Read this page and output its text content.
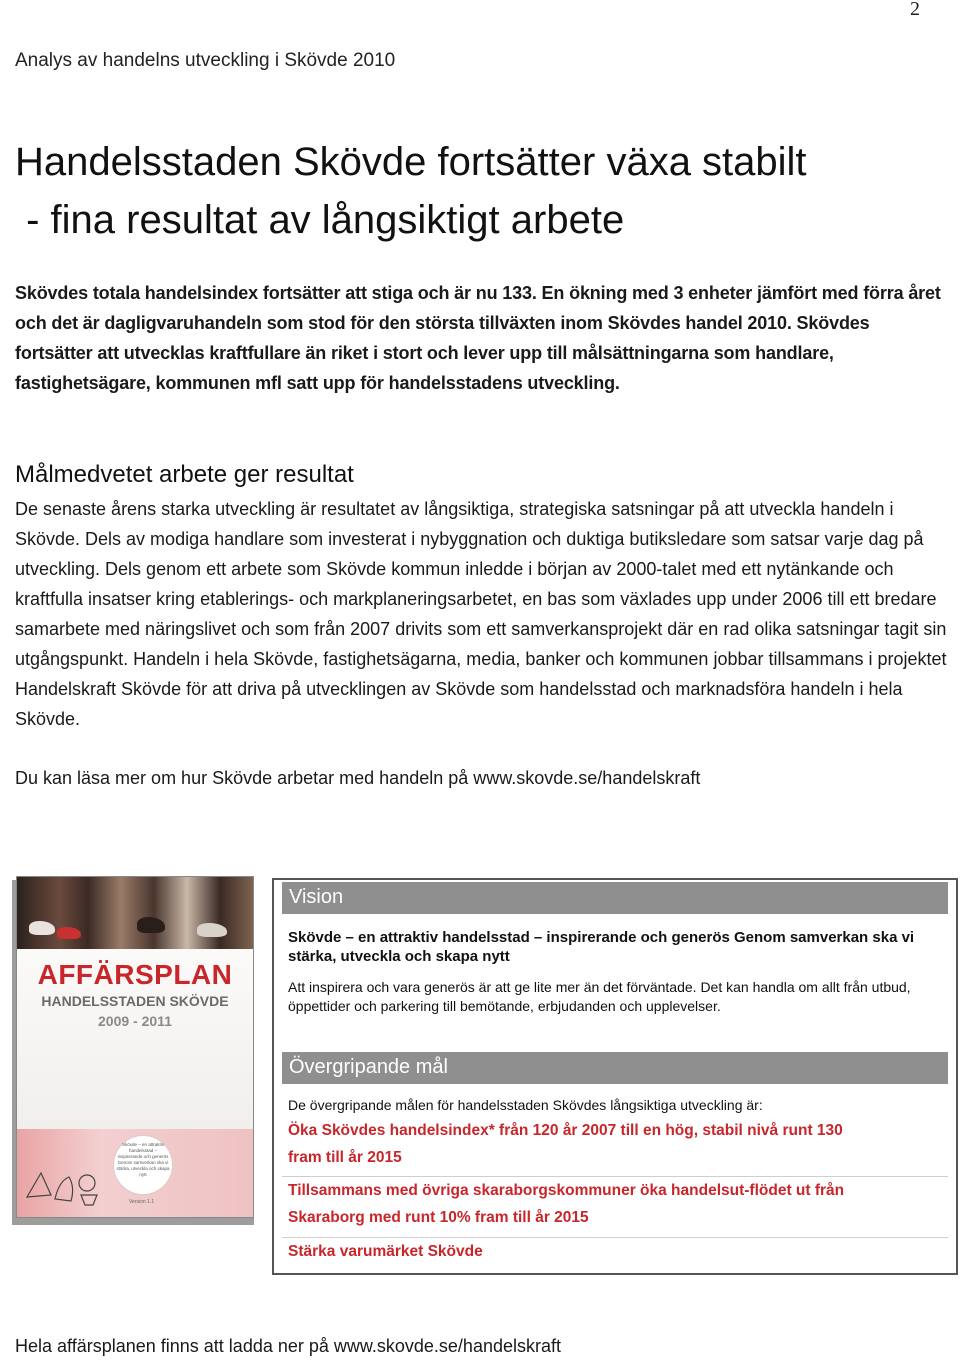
2
Analys av handelns utveckling i Skövde 2010
Handelsstaden Skövde fortsätter växa stabilt
- fina resultat av långsiktigt arbete

Skövdes totala handelsindex fortsätter att stiga och är nu 133. En ökning med 3 enheter jämfört med förra året och det är dagligvaruhandeln som stod för den största tillväxten inom Skövdes handel 2010. Skövdes fortsätter att utvecklas kraftfullare än riket i stort och lever upp till målsättningarna som handlare, fastighetsägare, kommunen mfl satt upp för handelsstadens utveckling.

Målmedvetet arbete ger resultat

De senaste årens starka utveckling är resultatet av långsiktiga, strategiska satsningar på att utveckla handeln i Skövde. Dels av modiga handlare som investerat i nybyggnation och duktiga butiksledare som satsar varje dag på utveckling. Dels genom ett arbete som Skövde kommun inledde i början av 2000-talet med ett nytänkande och kraftfulla insatser kring etablerings- och markplaneringsarbetet, en bas som växlades upp under 2006 till ett bredare samarbete med näringslivet och som från 2007 drivits som ett samverkansprojekt där en rad olika satsningar tagit sin utgångspunkt. Handeln i hela Skövde, fastighetsägarna, media, banker och kommunen jobbar tillsammans i projektet Handelskraft Skövde för att driva på utvecklingen av Skövde som handelsstad och marknadsföra handeln i hela Skövde.

Du kan läsa mer om hur Skövde arbetar med handeln på www.skovde.se/handelskraft

AFFÄRSPLAN
HANDELSSTADEN SKÖVDE
2009 - 2011
Skövde – en attraktiv handelsstad – inspirerande och generös Genom samverkan ska vi stärka, utveckla och skapa nytt
Version 1.1
Vision
Skövde – en attraktiv handelsstad – inspirerande och generös Genom samverkan ska vi stärka, utveckla och skapa nytt
Att inspirera och vara generös är att ge lite mer än det förväntade. Det kan handla om allt från utbud, öppettider och parkering till bemötande, erbjudanden och upplevelser.
Övergripande mål
De övergripande målen för handelsstaden Skövdes långsiktiga utveckling är:
Öka Skövdes handelsindex* från 120 år 2007 till en hög, stabil nivå runt 130 fram till år 2015
Tillsammans med övriga skaraborgskommuner öka handelsut-flödet ut från Skaraborg med runt 10% fram till år 2015
Stärka varumärket Skövde

Hela affärsplanen finns att ladda ner på www.skovde.se/handelskraft
